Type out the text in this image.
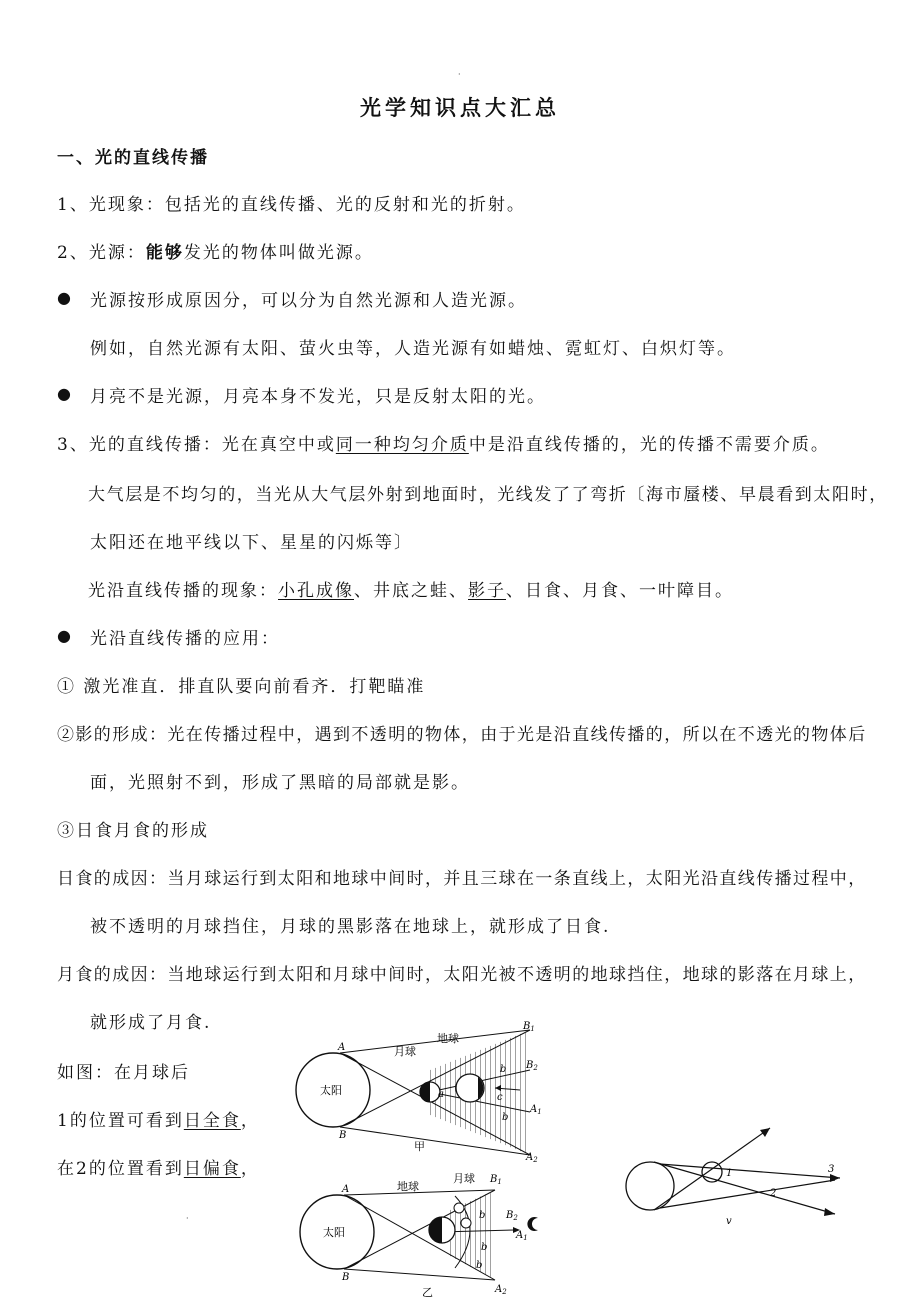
·
光学知识点大汇总
一、光的直线传播
1、光现象：包括光的直线传播、光的反射和光的折射。
2、光源：能够发光的物体叫做光源。
● 光源按形成原因分，可以分为自然光源和人造光源。
例如，自然光源有太阳、萤火虫等，人造光源有如蜡烛、霓虹灯、白炽灯等。
● 月亮不是光源，月亮本身不发光，只是反射太阳的光。
3、光的直线传播：光在真空中或同一种均匀介质中是沿直线传播的，光的传播不需要介质。
大气层是不均匀的，当光从大气层外射到地面时，光线发了了弯折〔海市蜃楼、早晨看到太阳时，
太阳还在地平线以下、星星的闪烁等〕
光沿直线传播的现象：小孔成像、井底之蛙、影子、日食、月食、一叶障目。
● 光沿直线传播的应用：
① 激光准直．排直队要向前看齐．打靶瞄准
②影的形成：光在传播过程中，遇到不透明的物体，由于光是沿直线传播的，所以在不透光的物体后
面，光照射不到，形成了黑暗的局部就是影。
③日食月食的形成
日食的成因：当月球运行到太阳和地球中间时，并且三球在一条直线上，太阳光沿直线传播过程中，
被不透明的月球挡住，月球的黑影落在地球上，就形成了日食.
月食的成因：当地球运行到太阳和月球中间时，太阳光被不透明的地球挡住，地球的影落在月球上，
就形成了月食.
如图：在月球后
1的位置可看到日全食，
在2的位置看到日偏食，
太阳
月球
地球
A
B
$B_1$
$B_2$
$A_1$
$A_2$
a
b
c
b
甲
太阳
地球
月球
A
B
$B_1$
$B_2$
$A_1$
$A_2$
b
b
b
乙
1
2
3
v
·
